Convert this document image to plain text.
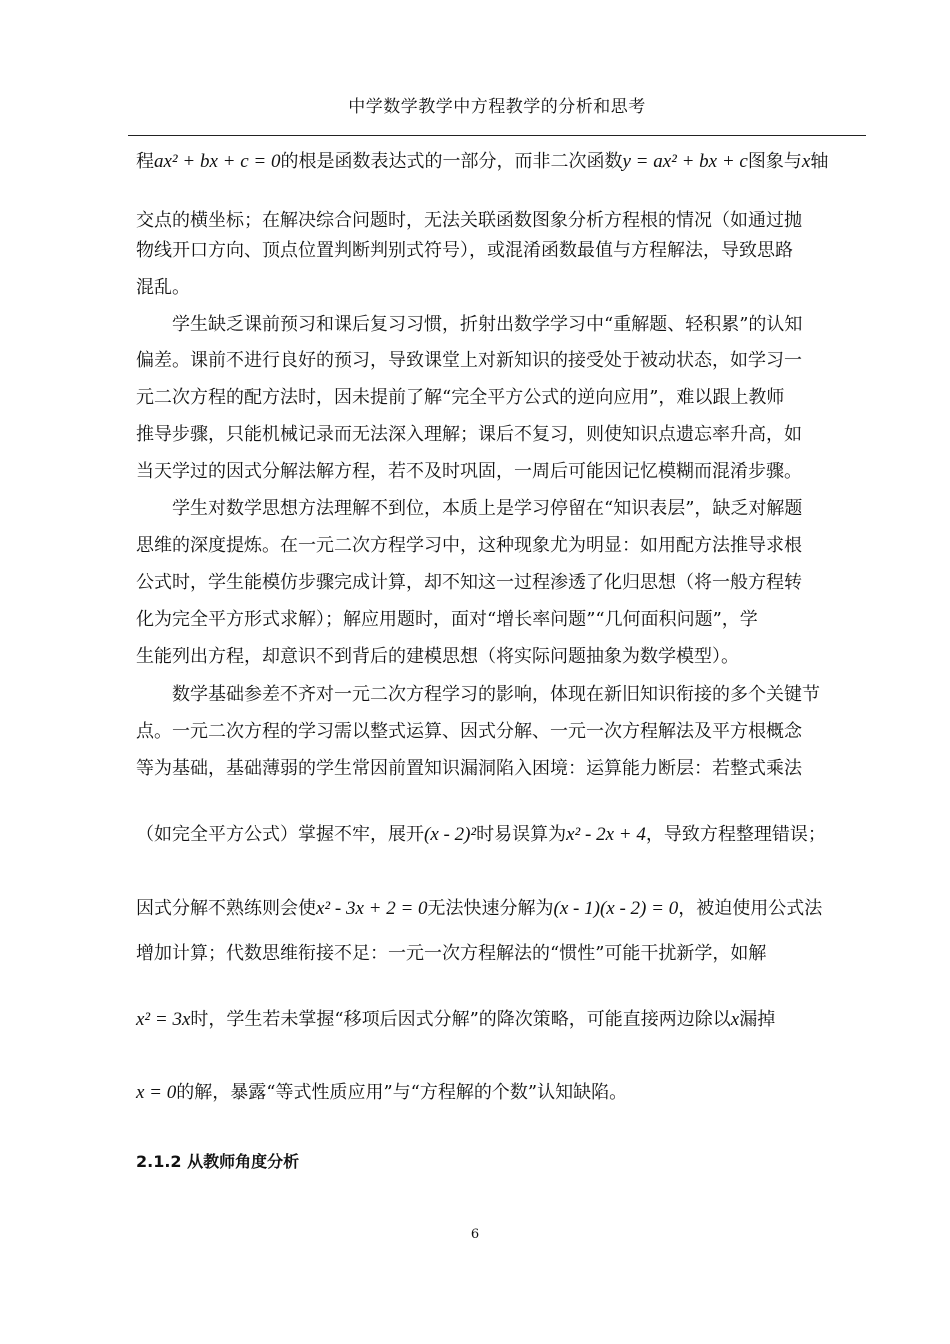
中学数学教学中方程教学的分析和思考
程ax² + bx + c = 0的根是函数表达式的一部分，而非二次函数y = ax² + bx + c图象与x轴
交点的横坐标；在解决综合问题时，无法关联函数图象分析方程根的情况（如通过抛
物线开口方向、顶点位置判断判别式符号），或混淆函数最值与方程解法，导致思路
混乱。
学生缺乏课前预习和课后复习习惯，折射出数学学习中“重解题、轻积累”的认知
偏差。课前不进行良好的预习，导致课堂上对新知识的接受处于被动状态，如学习一
元二次方程的配方法时，因未提前了解“完全平方公式的逆向应用”，难以跟上教师
推导步骤，只能机械记录而无法深入理解；课后不复习，则使知识点遗忘率升高，如
当天学过的因式分解法解方程，若不及时巩固，一周后可能因记忆模糊而混淆步骤。
学生对数学思想方法理解不到位，本质上是学习停留在“知识表层”，缺乏对解题
思维的深度提炼。在一元二次方程学习中，这种现象尤为明显：如用配方法推导求根
公式时，学生能模仿步骤完成计算，却不知这一过程渗透了化归思想（将一般方程转
化为完全平方形式求解）；解应用题时，面对“增长率问题”“几何面积问题”，学
生能列出方程，却意识不到背后的建模思想（将实际问题抽象为数学模型）。
数学基础参差不齐对一元二次方程学习的影响，体现在新旧知识衔接的多个关键节
点。一元二次方程的学习需以整式运算、因式分解、一元一次方程解法及平方根概念
等为基础，基础薄弱的学生常因前置知识漏洞陷入困境：运算能力断层：若整式乘法
（如完全平方公式）掌握不牢，展开(x - 2)²时易误算为x² - 2x + 4，导致方程整理错误；
因式分解不熟练则会使x² - 3x + 2 = 0无法快速分解为(x - 1)(x - 2) = 0，被迫使用公式法
增加计算；代数思维衔接不足：一元一次方程解法的“惯性”可能干扰新学，如解
x² = 3x时，学生若未掌握“移项后因式分解”的降次策略，可能直接两边除以x漏掉
x = 0的解，暴露“等式性质应用”与“方程解的个数”认知缺陷。
2.1.2 从教师角度分析
6
